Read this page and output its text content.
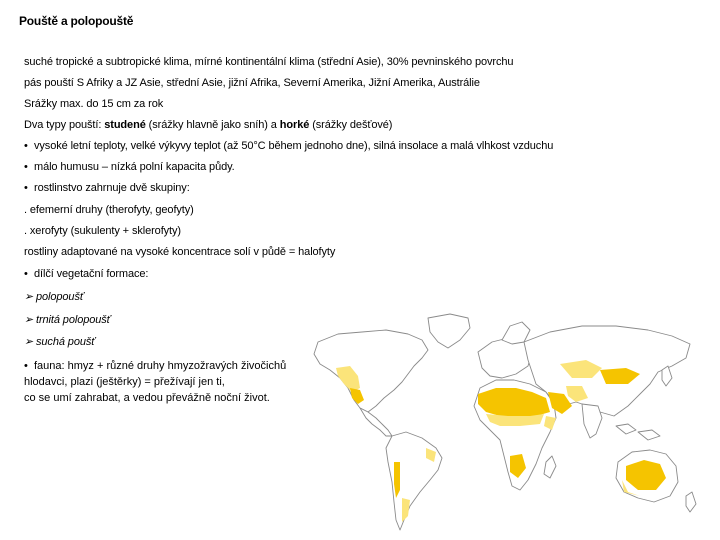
Pouště a polopouště
suché tropické a subtropické klima, mírné kontinentální klima (střední Asie), 30% pevninského povrchu
pás pouští S Afriky a JZ Asie, střední Asie, jižní Afrika, Severní Amerika, Jižní Amerika, Austrálie
Srážky max. do 15 cm za rok
Dva typy pouští: studené (srážky hlavně jako sníh) a horké (srážky dešťové)
• vysoké letní teploty, velké výkyvy teplot (až 50°C během jednoho dne), silná insolace a malá vlhkost vzduchu
• málo humusu – nízká polní kapacita půdy.
• rostlinstvo zahrnuje dvě skupiny:
. efemerní druhy (therofyty, geofyty)
. xerofyty (sukulenty + sklerofyty)
rostliny adaptované na vysoké koncentrace solí v půdě = halofyty
• dílčí vegetační formace:
➢ polopoušť
➢ trnitá polopoušť
➢ suchá poušť
• fauna: hmyz + různé druhy hmyzožravých živočichů
hlodavci, plazi (ještěrky) = přežívají jen ti,
co se umí zahrabat, a vedou převážně noční život.
